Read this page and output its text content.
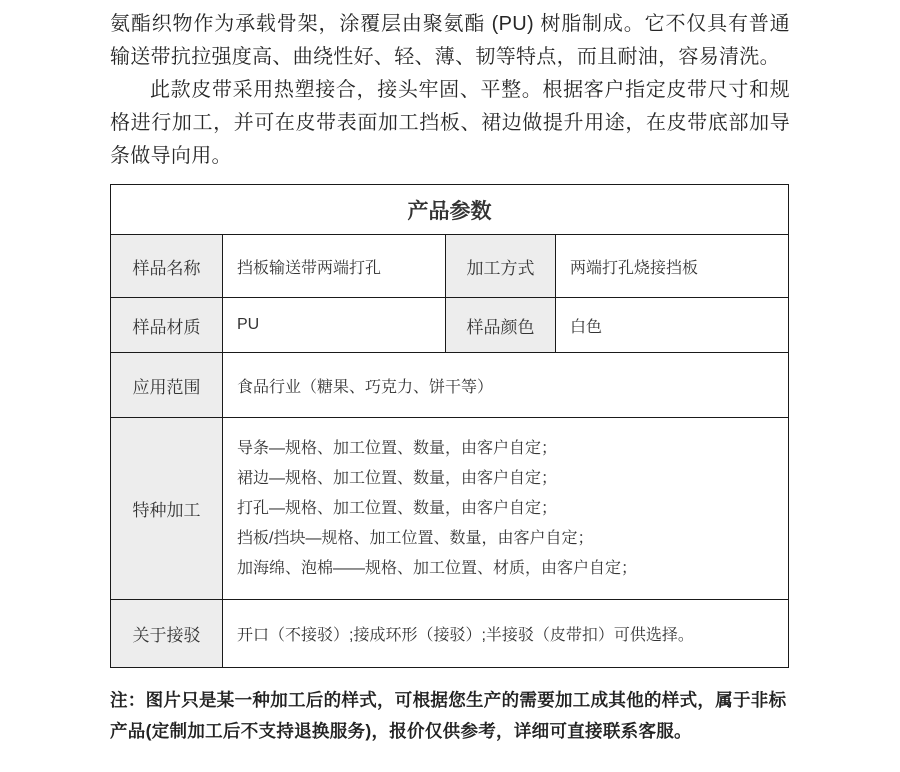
氨酯织物作为承载骨架，涂覆层由聚氨酯 (PU) 树脂制成。它不仅具有普通输送带抗拉强度高、曲绕性好、轻、薄、韧等特点，而且耐油，容易清洗。

此款皮带采用热塑接合，接头牢固、平整。根据客户指定皮带尺寸和规格进行加工，并可在皮带表面加工挡板、裙边做提升用途，在皮带底部加导条做导向用。

产品参数			
样品名称	挡板输送带两端打孔	加工方式	两端打孔烧接挡板
样品材质	PU	样品颜色	白色
应用范围	食品行业（糖果、巧克力、饼干等）		
特种加工	导条—规格、加工位置、数量，由客户自定；
裙边—规格、加工位置、数量，由客户自定；
打孔—规格、加工位置、数量，由客户自定；
挡板/挡块—规格、加工位置、数量，由客户自定；
加海绵、泡棉——规格、加工位置、材质，由客户自定；		

关于接驳	开口（不接驳）;接成环形（接驳）;半接驳（皮带扣）可供选择。		

注：图片只是某一种加工后的样式，可根据您生产的需要加工成其他的样式，属于非标产品(定制加工后不支持退换服务)，报价仅供参考，详细可直接联系客服。
